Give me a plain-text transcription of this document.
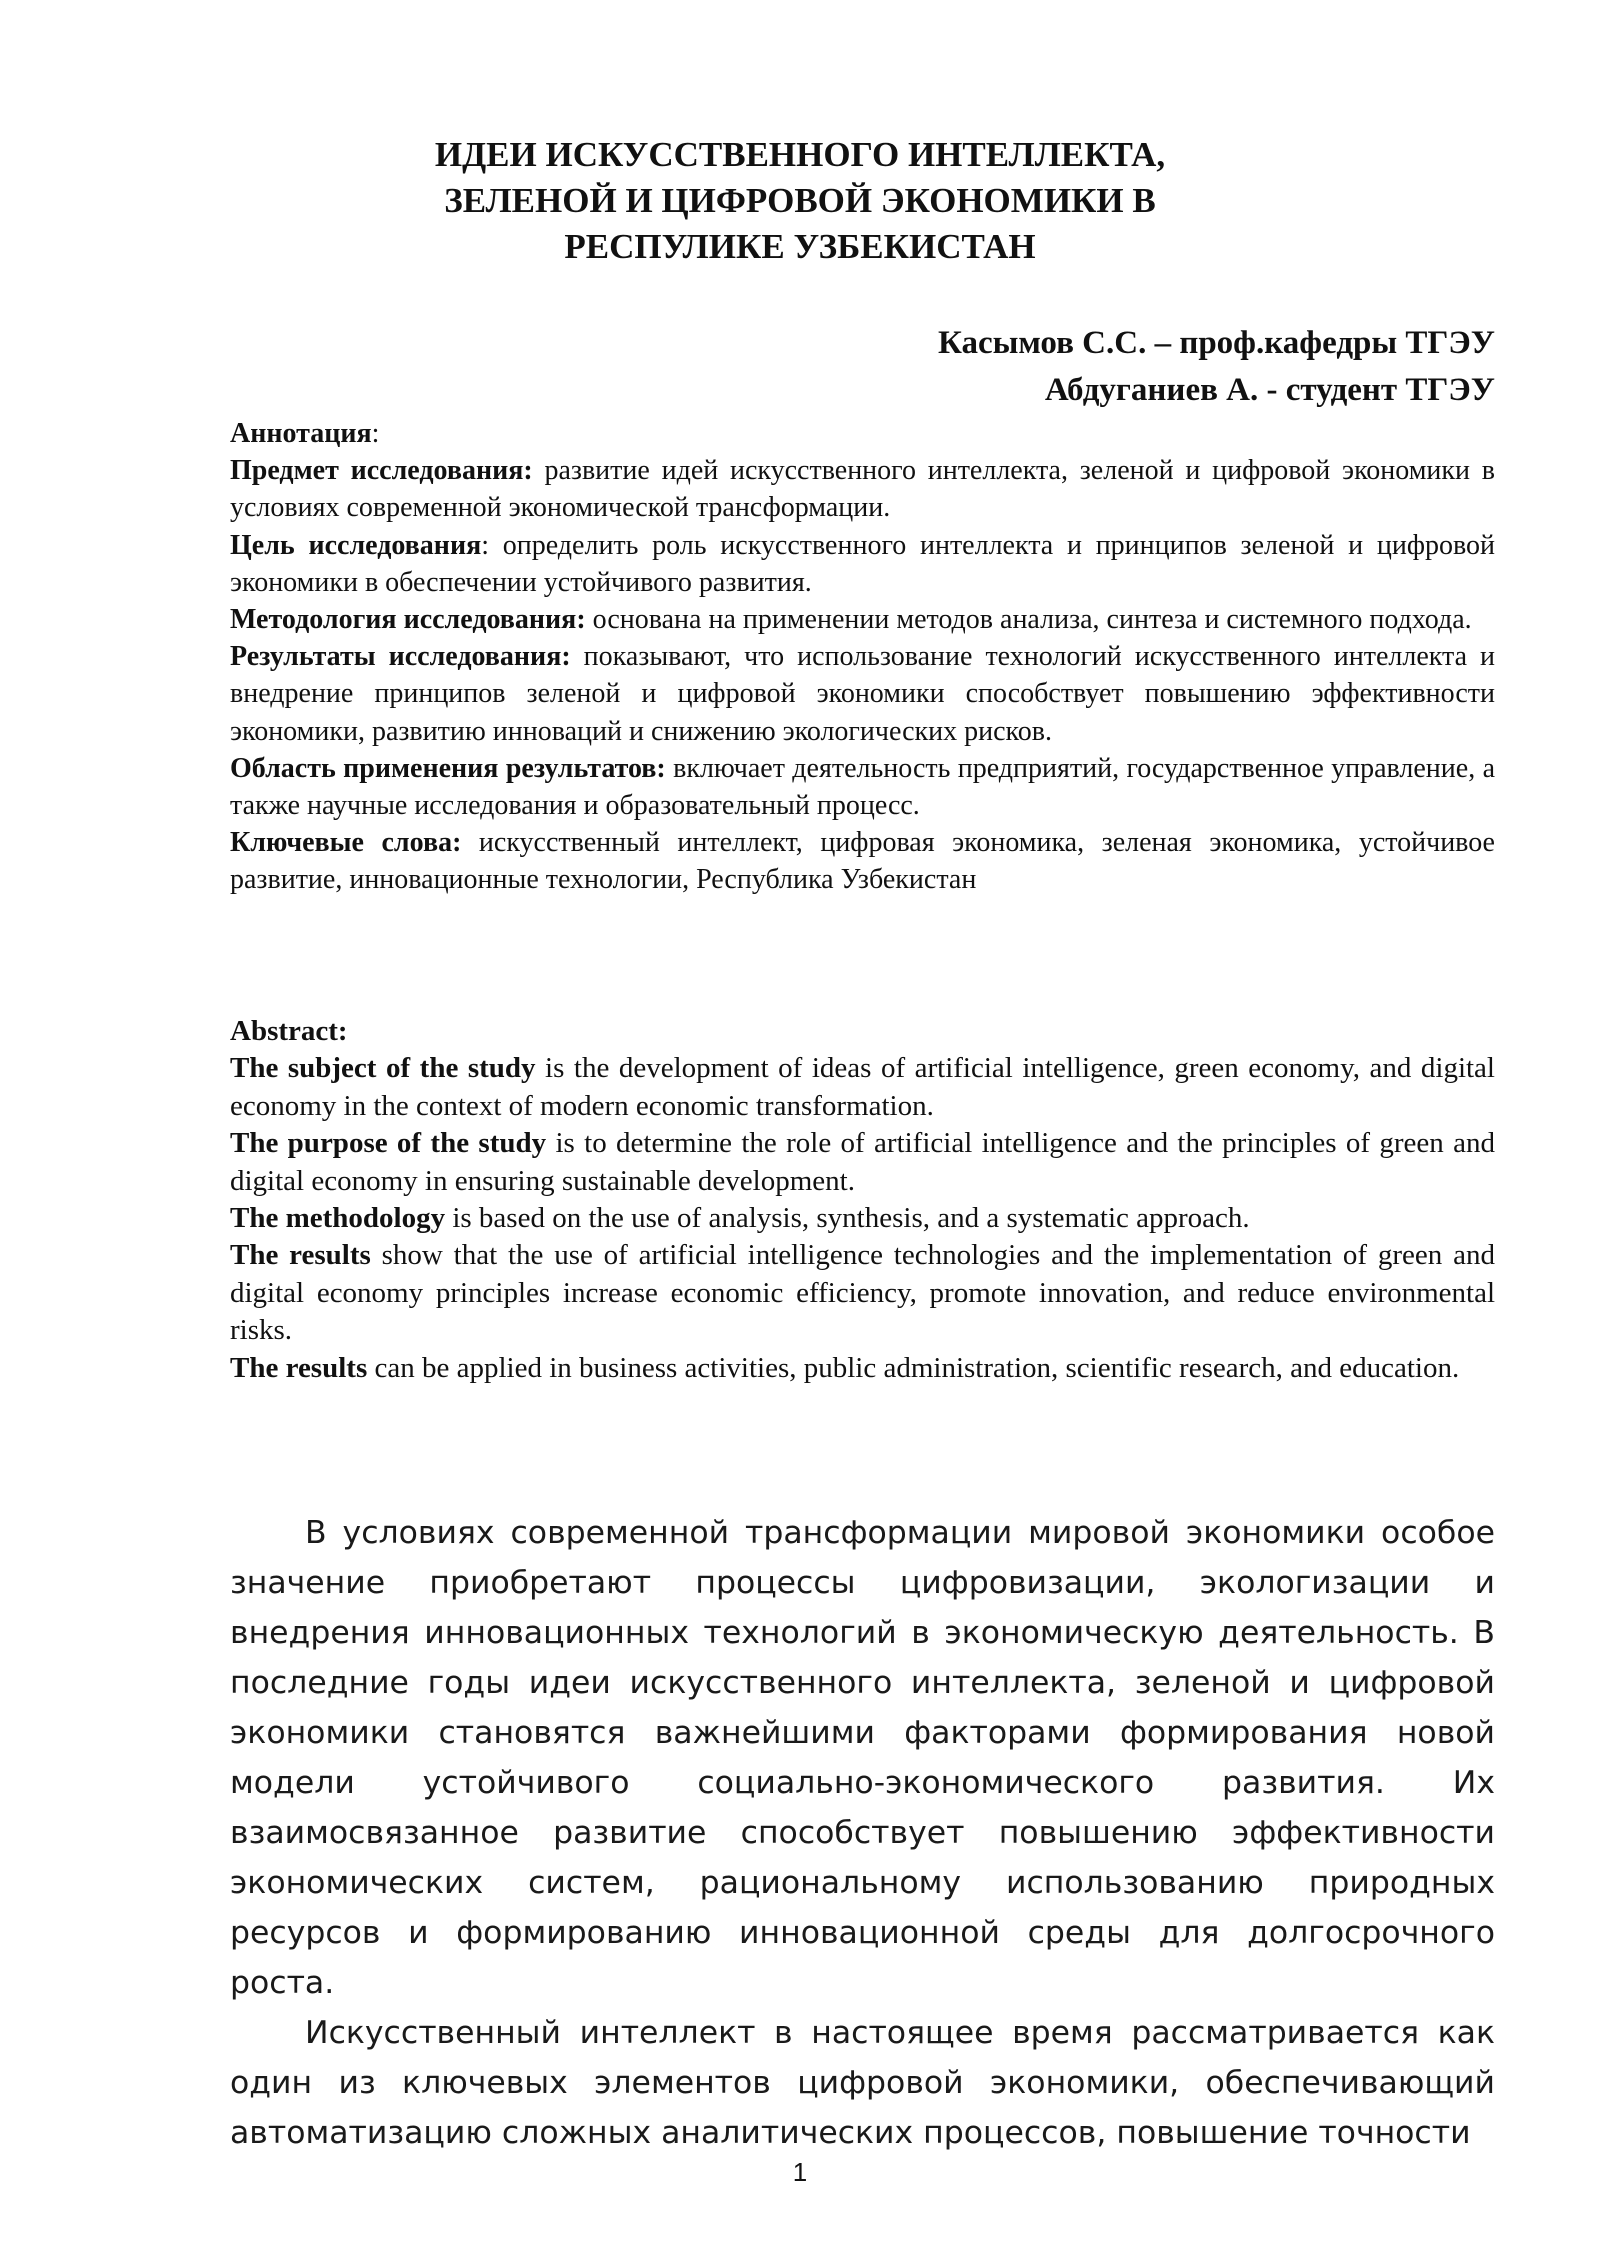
ИДЕИ ИСКУССТВЕННОГО ИНТЕЛЛЕКТА,
ЗЕЛЕНОЙ И ЦИФРОВОЙ ЭКОНОМИКИ В
РЕСПУЛИКЕ УЗБЕКИСТАН
Касымов С.С. – проф.кафедры ТГЭУ
Абдуганиев А. - студент ТГЭУ

Аннотация:

Предмет исследования: развитие идей искусственного интеллекта, зеленой и цифровой экономики в условиях современной экономической трансформации.

Цель исследования: определить роль искусственного интеллекта и принципов зеленой и цифровой экономики в обеспечении устойчивого развития.

Методология исследования: основана на применении методов анализа, синтеза и системного подхода.

Результаты исследования: показывают, что использование технологий искусственного интеллекта и внедрение принципов зеленой и цифровой экономики способствует повышению эффективности экономики, развитию инноваций и снижению экологических рисков.

Область применения результатов: включает деятельность предприятий, государственное управление, а также научные исследования и образовательный процесс.

Ключевые слова: искусственный интеллект, цифровая экономика, зеленая экономика, устойчивое развитие, инновационные технологии, Республика Узбекистан

Abstract:

The subject of the study is the development of ideas of artificial intelligence, green economy, and digital economy in the context of modern economic transformation.

The purpose of the study is to determine the role of artificial intelligence and the principles of green and digital economy in ensuring sustainable development.

The methodology is based on the use of analysis, synthesis, and a systematic approach.

The results show that the use of artificial intelligence technologies and the implementation of green and digital economy principles increase economic efficiency, promote innovation, and reduce environmental risks.

The results can be applied in business activities, public administration, scientific research, and education.

В условиях современной трансформации мировой экономики особое значение приобретают процессы цифровизации, экологизации и внедрения инновационных технологий в экономическую деятельность. В последние годы идеи искусственного интеллекта, зеленой и цифровой экономики становятся важнейшими факторами формирования новой модели устойчивого социально-экономического развития. Их взаимосвязанное развитие способствует повышению эффективности экономических систем, рациональному использованию природных ресурсов и формированию инновационной среды для долгосрочного роста.

Искусственный интеллект в настоящее время рассматривается как один из ключевых элементов цифровой экономики, обеспечивающий автоматизацию сложных аналитических процессов, повышение точности

1
